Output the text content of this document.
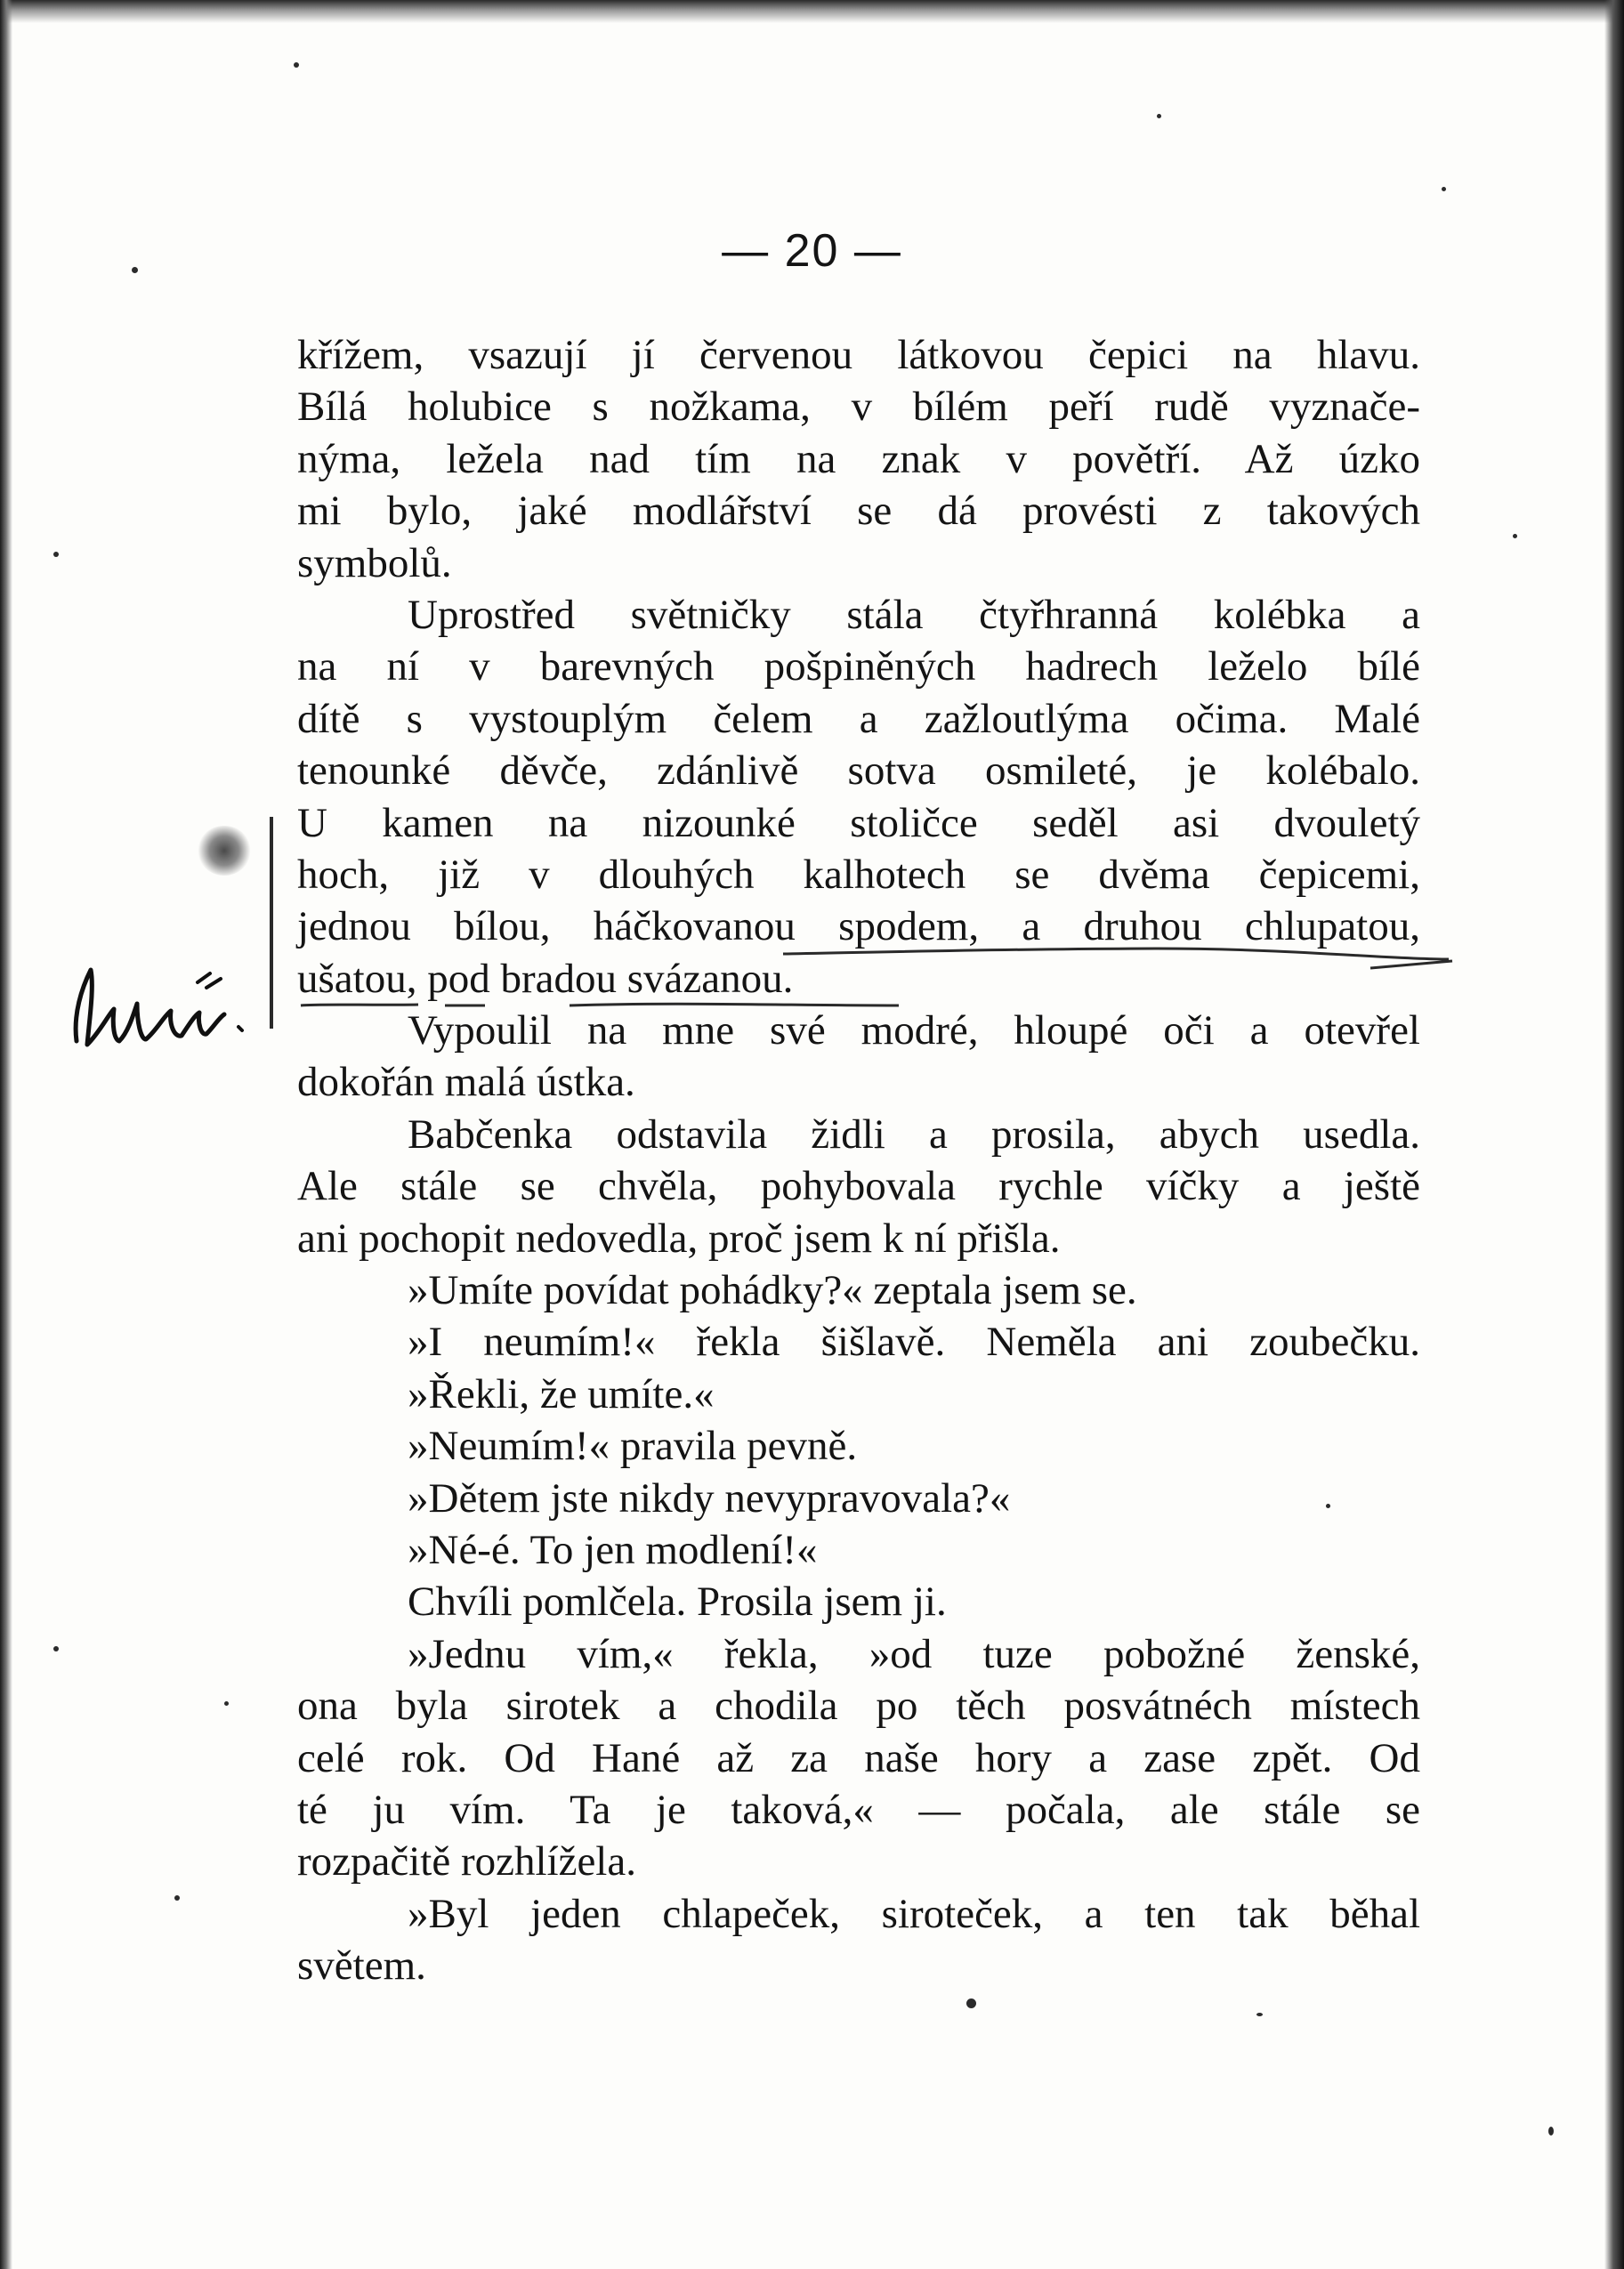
— 20 —
křížem, vsazují jí červenou látkovou čepici na hlavu.
Bílá holubice s nožkama, v bílém peří rudě vyznače-
nýma, ležela nad tím na znak v povětří. Až úzko
mi bylo, jaké modlářství se dá provésti z takových
symbolů.
Uprostřed světničky stála čtyřhranná kolébka a
na ní v barevných pošpiněných hadrech leželo bílé
dítě s vystouplým čelem a zažloutlýma očima. Malé
tenounké děvče, zdánlivě sotva osmileté, je kolébalo.
U kamen na nizounké stoličce seděl asi dvouletý
hoch, již v dlouhých kalhotech se dvěma čepicemi,
jednou bílou, háčkovanou spodem, a druhou chlupatou,
ušatou, pod bradou svázanou.
Vypoulil na mne své modré, hloupé oči a otevřel
dokořán malá ústka.
Babčenka odstavila židli a prosila, abych usedla.
Ale stále se chvěla, pohybovala rychle víčky a ještě
ani pochopit nedovedla, proč jsem k ní přišla.
»Umíte povídat pohádky?« zeptala jsem se.
»I neumím!« řekla šišlavě. Neměla ani zoubečku.
»Řekli, že umíte.«
»Neumím!« pravila pevně.
»Dětem jste nikdy nevypravovala?«
»Né-é. To jen modlení!«
Chvíli pomlčela. Prosila jsem ji.
»Jednu vím,« řekla, »od tuze pobožné ženské,
ona byla sirotek a chodila po těch posvátnéch místech
celé rok. Od Hané až za naše hory a zase zpět. Od
té ju vím. Ta je taková,« — počala, ale stále se
rozpačitě rozhlížela.
»Byl jeden chlapeček, siroteček, a ten tak běhal
světem.
